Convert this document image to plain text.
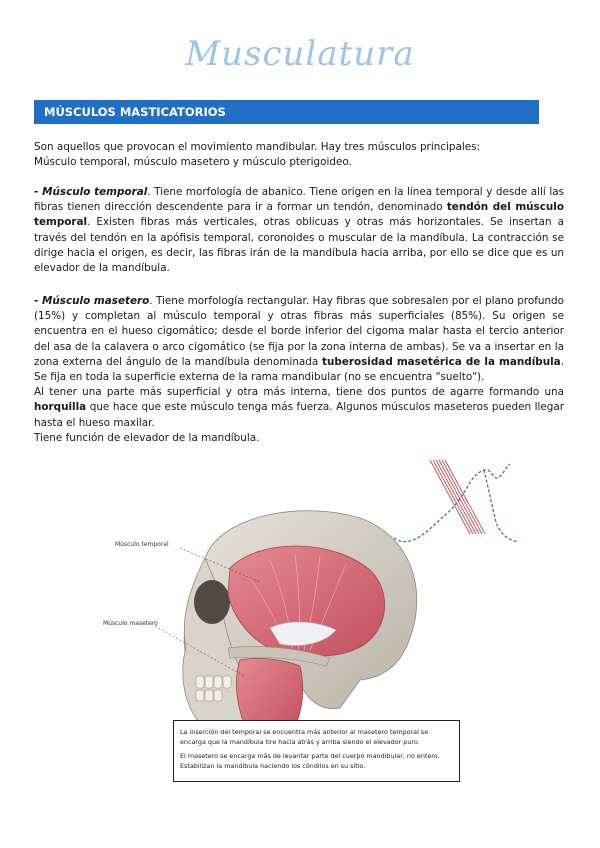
Musculatura
MÚSCULOS MASTICATORIOS

Son aquellos que provocan el movimiento mandibular. Hay tres músculos principales:

Músculo temporal, músculo masetero y músculo pterigoideo.

- Músculo temporal. Tiene morfología de abanico. Tiene origen en la línea temporal y desde allí las fibras tienen dirección descendente para ir a formar un tendón, denominado tendón del músculo temporal. Existen fibras más verticales, otras oblicuas y otras más horizontales. Se insertan a través del tendón en la apófisis temporal, coronoides o muscular de la mandíbula. La contracción se dirige hacia el origen, es decir, las fibras irán de la mandíbula hacia arriba, por ello se dice que es un elevador de la mandíbula.

- Músculo masetero. Tiene morfología rectangular. Hay fibras que sobresalen por el plano profundo (15%) y completan al músculo temporal y otras fibras más superficiales (85%). Su origen se encuentra en el hueso cigomático; desde el borde inferior del cigoma malar hasta el tercio anterior del asa de la calavera o arco cigomático (se fija por la zona interna de ambas). Se va a insertar en la zona externa del ángulo de la mandíbula denominada tuberosidad masetérica de la mandíbula. Se fija en toda la superficie externa de la rama mandibular (no se encuentra "suelto").

Al tener una parte más superficial y otra más interna, tiene dos puntos de agarre formando una horquilla que hace que este músculo tenga más fuerza. Algunos músculos maseteros pueden llegar hasta el hueso maxilar.

Tiene función de elevador de la mandíbula.

Músculo temporal
Músculo masetero

La inserción del temporal se encuentra más anterior al masetero temporal se encarga que la mandíbula tire hacia atrás y arriba siendo el elevador puro.

El masetero se encarga más de levantar parte del cuerpo mandibular, no entero. Estabilizan la mandíbula haciendo los cóndilos en su sitio.
